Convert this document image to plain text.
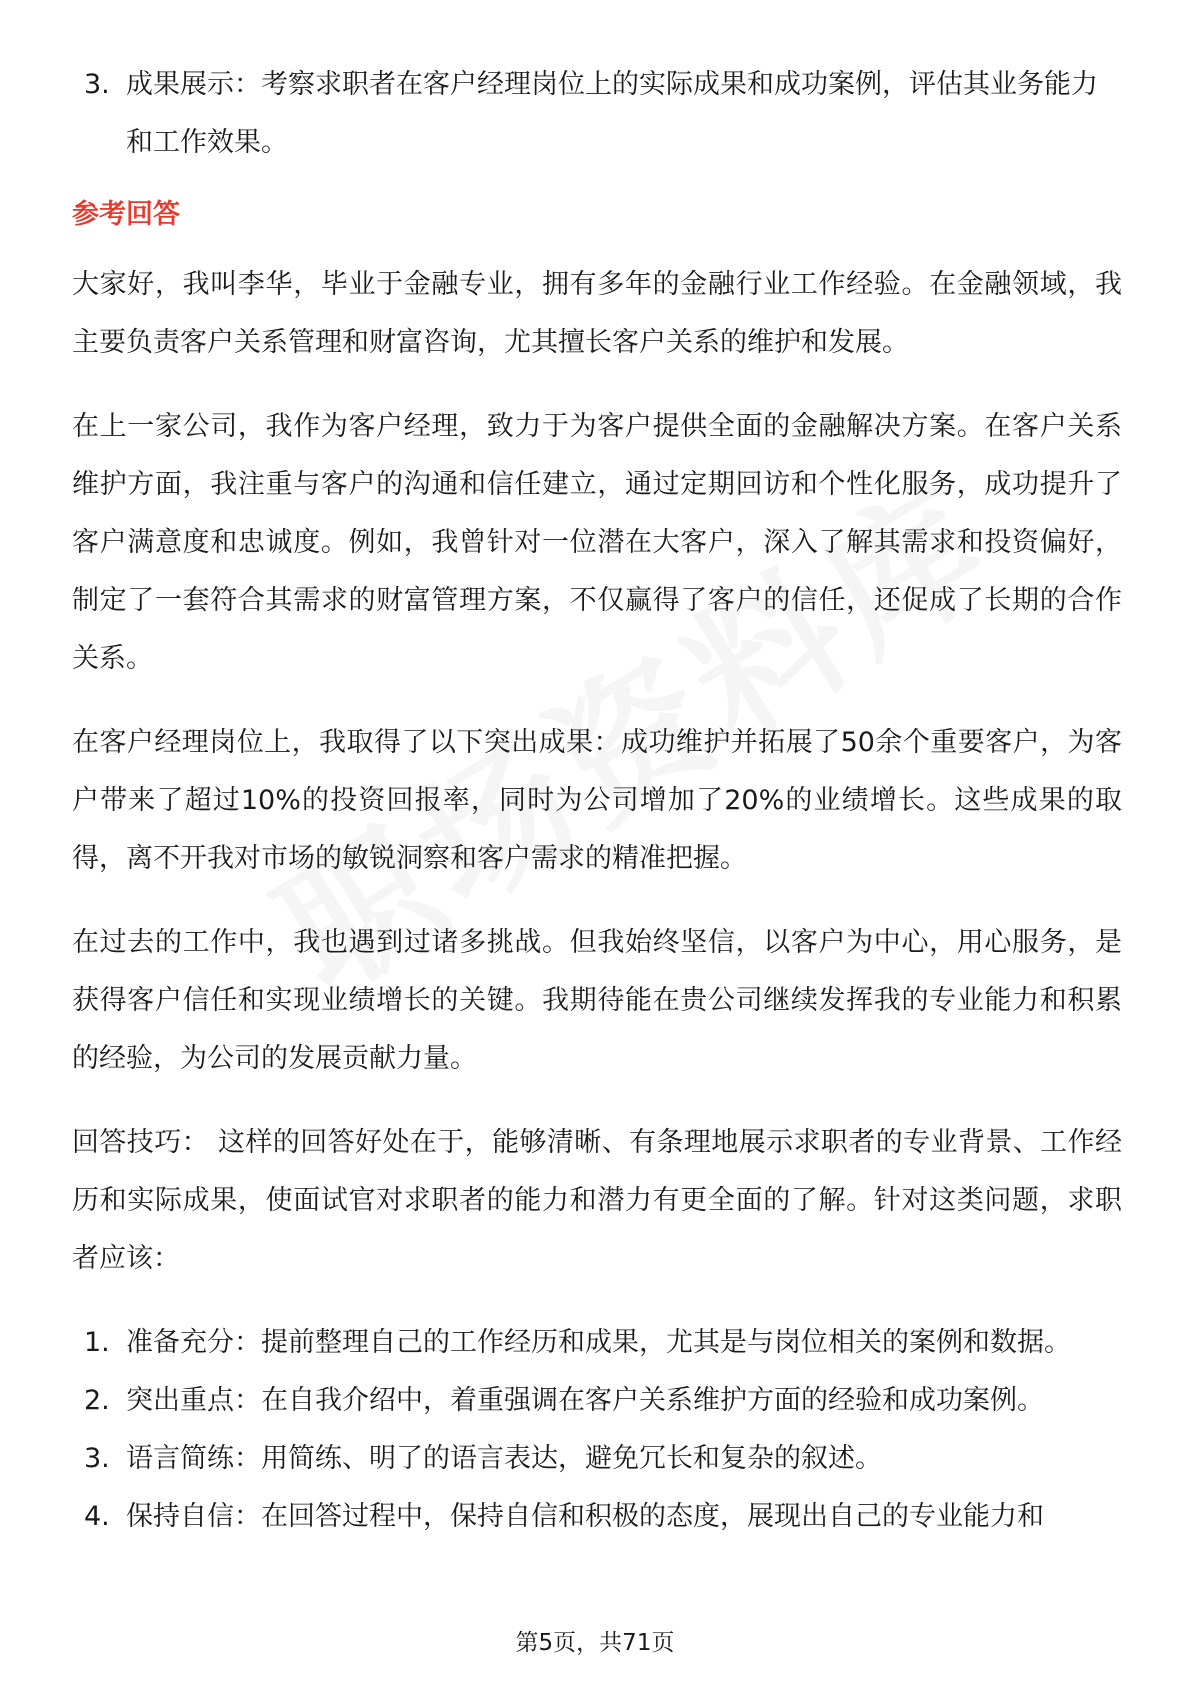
3. 成果展示：考察求职者在客户经理岗位上的实际成果和成功案例，评估其业务能力和工作效果。
参考回答

大家好，我叫李华，毕业于金融专业，拥有多年的金融行业工作经验。在金融领域，我主要负责客户关系管理和财富咨询，尤其擅长客户关系的维护和发展。

在上一家公司，我作为客户经理，致力于为客户提供全面的金融解决方案。在客户关系维护方面，我注重与客户的沟通和信任建立，通过定期回访和个性化服务，成功提升了客户满意度和忠诚度。例如，我曾针对一位潜在大客户，深入了解其需求和投资偏好，制定了一套符合其需求的财富管理方案，不仅赢得了客户的信任，还促成了长期的合作关系。

在客户经理岗位上，我取得了以下突出成果：成功维护并拓展了50余个重要客户，为客户带来了超过10%的投资回报率，同时为公司增加了20%的业绩增长。这些成果的取得，离不开我对市场的敏锐洞察和客户需求的精准把握。

在过去的工作中，我也遇到过诸多挑战。但我始终坚信，以客户为中心，用心服务，是获得客户信任和实现业绩增长的关键。我期待能在贵公司继续发挥我的专业能力和积累的经验，为公司的发展贡献力量。

回答技巧： 这样的回答好处在于，能够清晰、有条理地展示求职者的专业背景、工作经历和实际成果，使面试官对求职者的能力和潜力有更全面的了解。针对这类问题，求职者应该：

1. 准备充分：提前整理自己的工作经历和成果，尤其是与岗位相关的案例和数据。
2. 突出重点：在自我介绍中，着重强调在客户关系维护方面的经验和成功案例。
3. 语言简练：用简练、明了的语言表达，避免冗长和复杂的叙述。
4. 保持自信：在回答过程中，保持自信和积极的态度，展现出自己的专业能力和
第5页，共71页
